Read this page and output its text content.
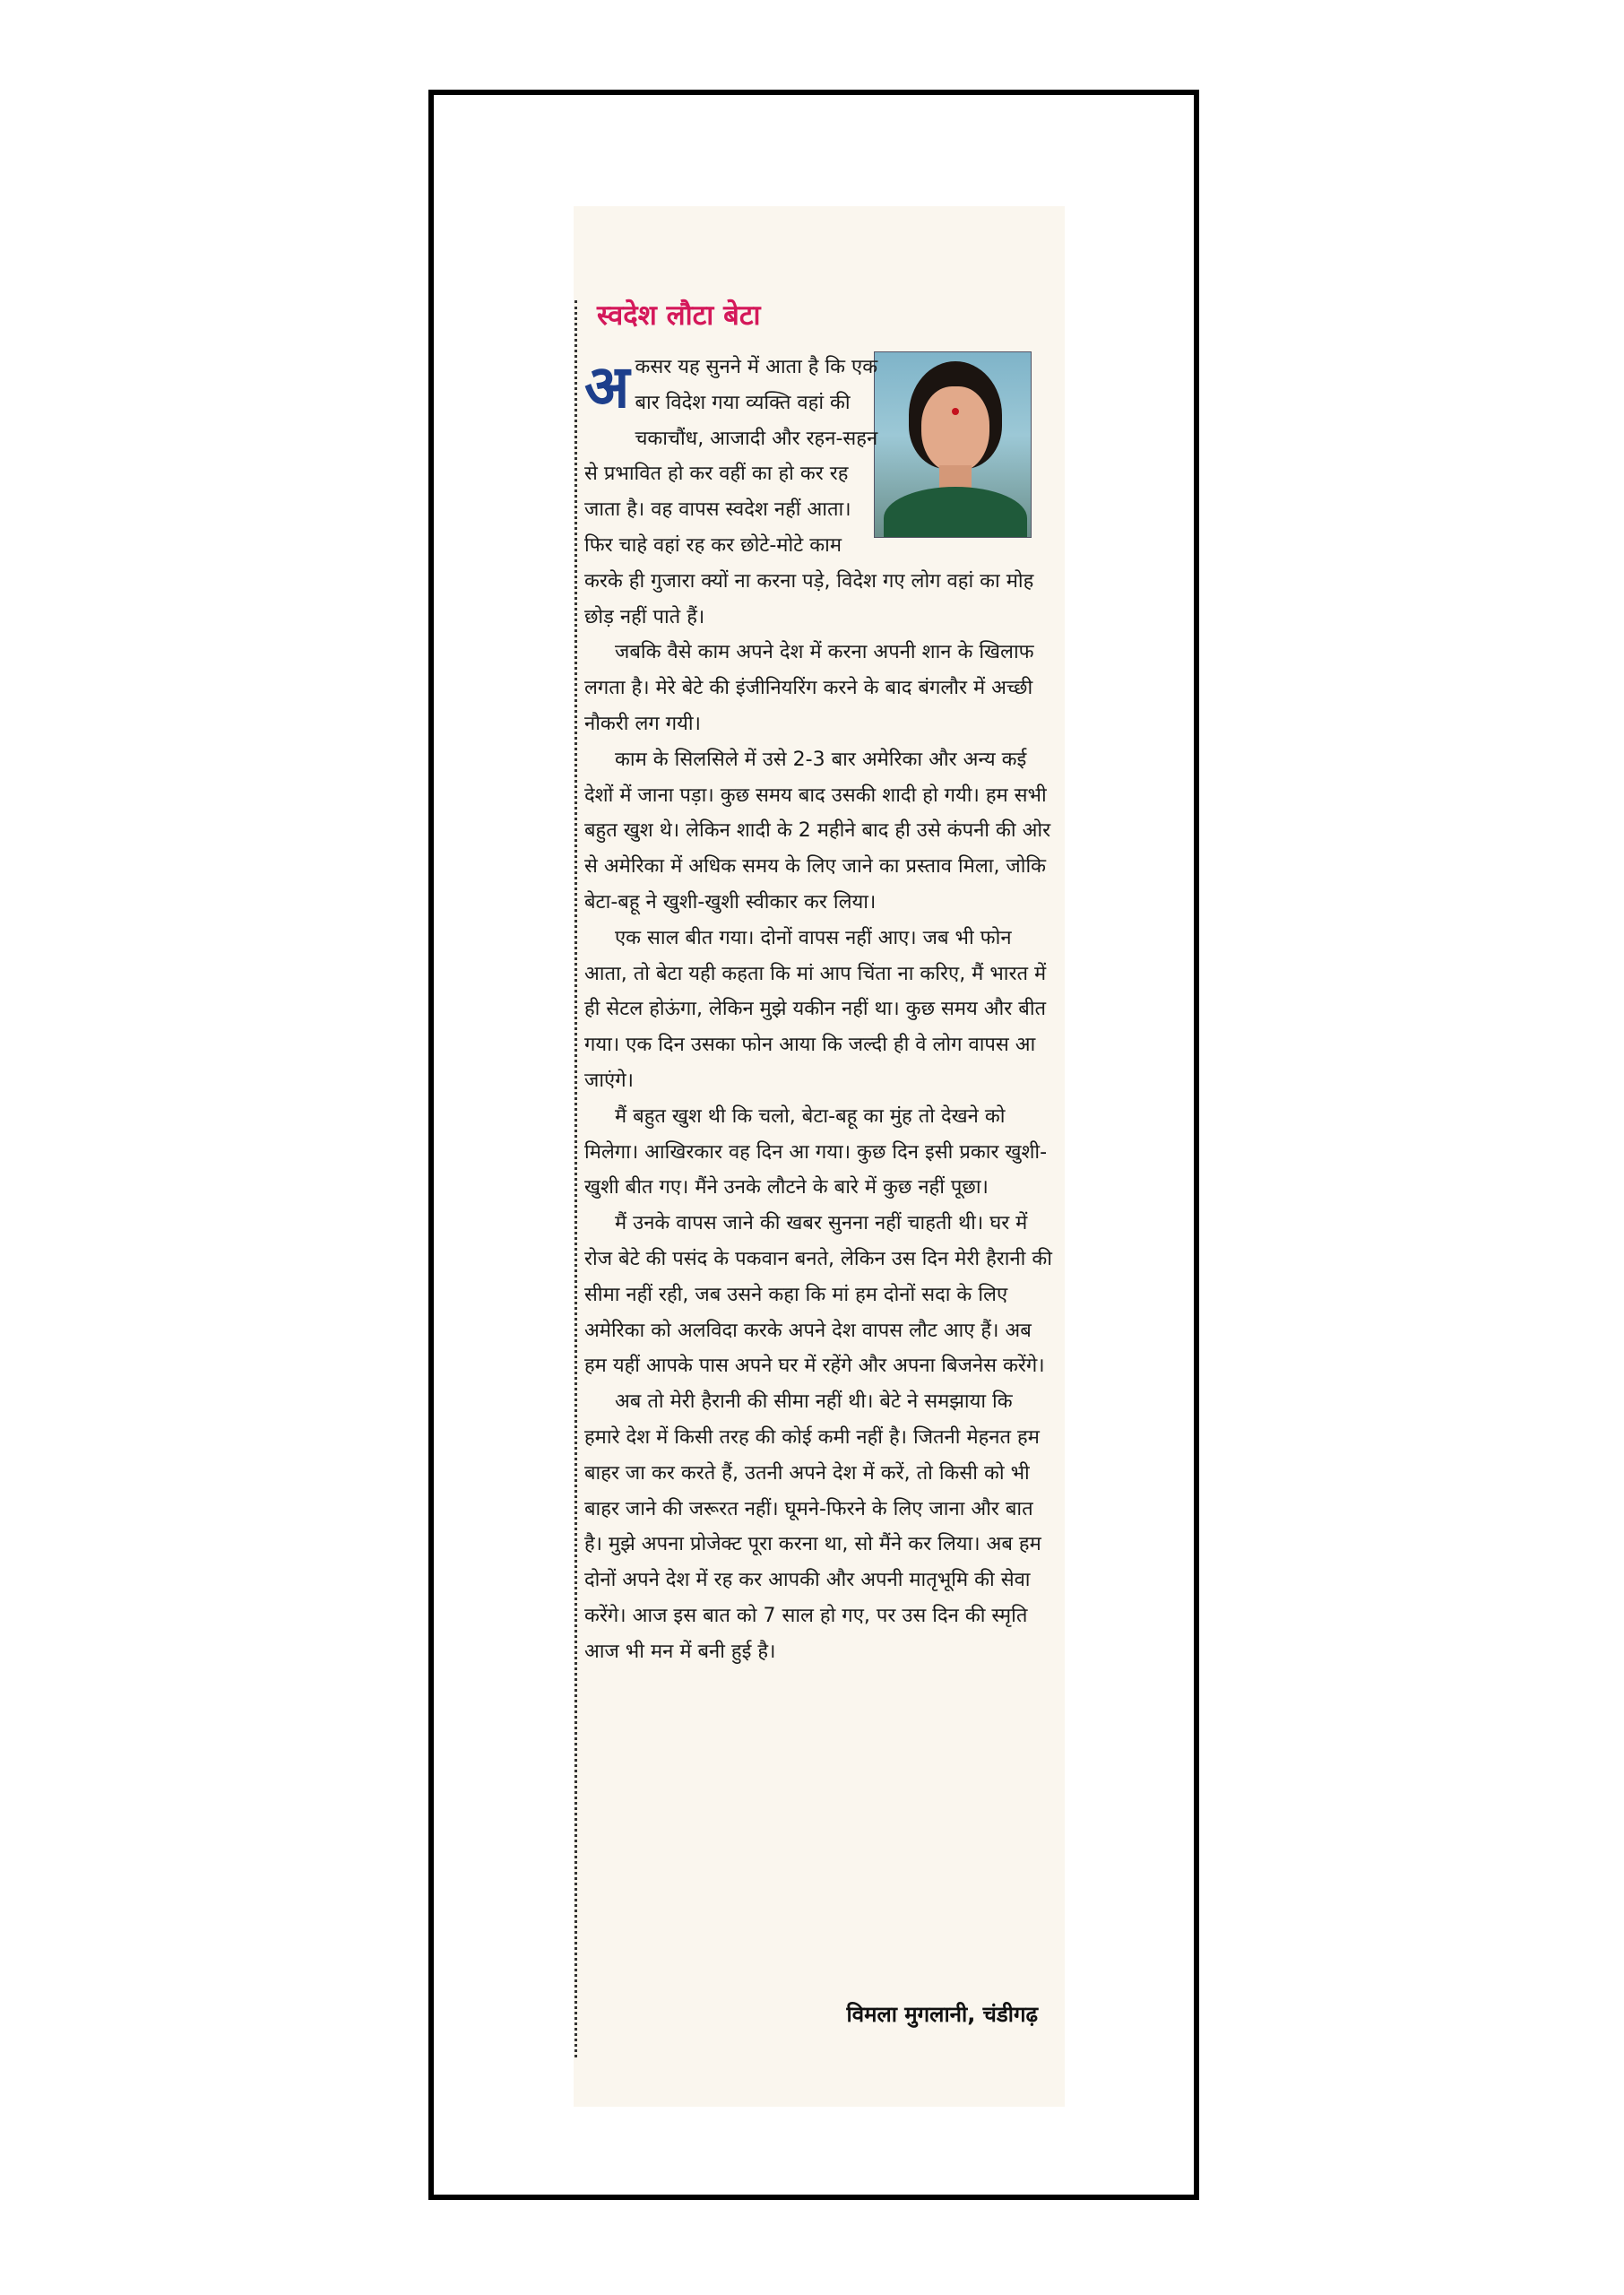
स्वदेश लौटा बेटा

अकसर यह सुनने में आता है कि एक बार विदेश गया व्यक्ति वहां की चकाचौंध, आजादी और रहन-सहन से प्रभावित हो कर वहीं का हो कर रह जाता है। वह वापस स्वदेश नहीं आता। फिर चाहे वहां रह कर छोटे-मोटे काम करके ही गुजारा क्यों ना करना पड़े, विदेश गए लोग वहां का मोह छोड़ नहीं पाते हैं।

जबकि वैसे काम अपने देश में करना अपनी शान के खिलाफ लगता है। मेरे बेटे की इंजीनियरिंग करने के बाद बंगलौर में अच्छी नौकरी लग गयी।

काम के सिलसिले में उसे 2-3 बार अमेरिका और अन्य कई देशों में जाना पड़ा। कुछ समय बाद उसकी शादी हो गयी। हम सभी बहुत खुश थे। लेकिन शादी के 2 महीने बाद ही उसे कंपनी की ओर से अमेरिका में अधिक समय के लिए जाने का प्रस्ताव मिला, जोकि बेटा-बहू ने खुशी-खुशी स्वीकार कर लिया।

एक साल बीत गया। दोनों वापस नहीं आए। जब भी फोन आता, तो बेटा यही कहता कि मां आप चिंता ना करिए, मैं भारत में ही सेटल होऊंगा, लेकिन मुझे यकीन नहीं था। कुछ समय और बीत गया। एक दिन उसका फोन आया कि जल्दी ही वे लोग वापस आ जाएंगे।

मैं बहुत खुश थी कि चलो, बेटा-बहू का मुंह तो देखने को मिलेगा। आखिरकार वह दिन आ गया। कुछ दिन इसी प्रकार खुशी-खुशी बीत गए। मैंने उनके लौटने के बारे में कुछ नहीं पूछा।

मैं उनके वापस जाने की खबर सुनना नहीं चाहती थी। घर में रोज बेटे की पसंद के पकवान बनते, लेकिन उस दिन मेरी हैरानी की सीमा नहीं रही, जब उसने कहा कि मां हम दोनों सदा के लिए अमेरिका को अलविदा करके अपने देश वापस लौट आए हैं। अब हम यहीं आपके पास अपने घर में रहेंगे और अपना बिजनेस करेंगे।

अब तो मेरी हैरानी की सीमा नहीं थी। बेटे ने समझाया कि हमारे देश में किसी तरह की कोई कमी नहीं है। जितनी मेहनत हम बाहर जा कर करते हैं, उतनी अपने देश में करें, तो किसी को भी बाहर जाने की जरूरत नहीं। घूमने-फिरने के लिए जाना और बात है। मुझे अपना प्रोजेक्ट पूरा करना था, सो मैंने कर लिया। अब हम दोनों अपने देश में रह कर आपकी और अपनी मातृभूमि की सेवा करेंगे। आज इस बात को 7 साल हो गए, पर उस दिन की स्मृति आज भी मन में बनी हुई है।

विमला मुगलानी, चंडीगढ़
